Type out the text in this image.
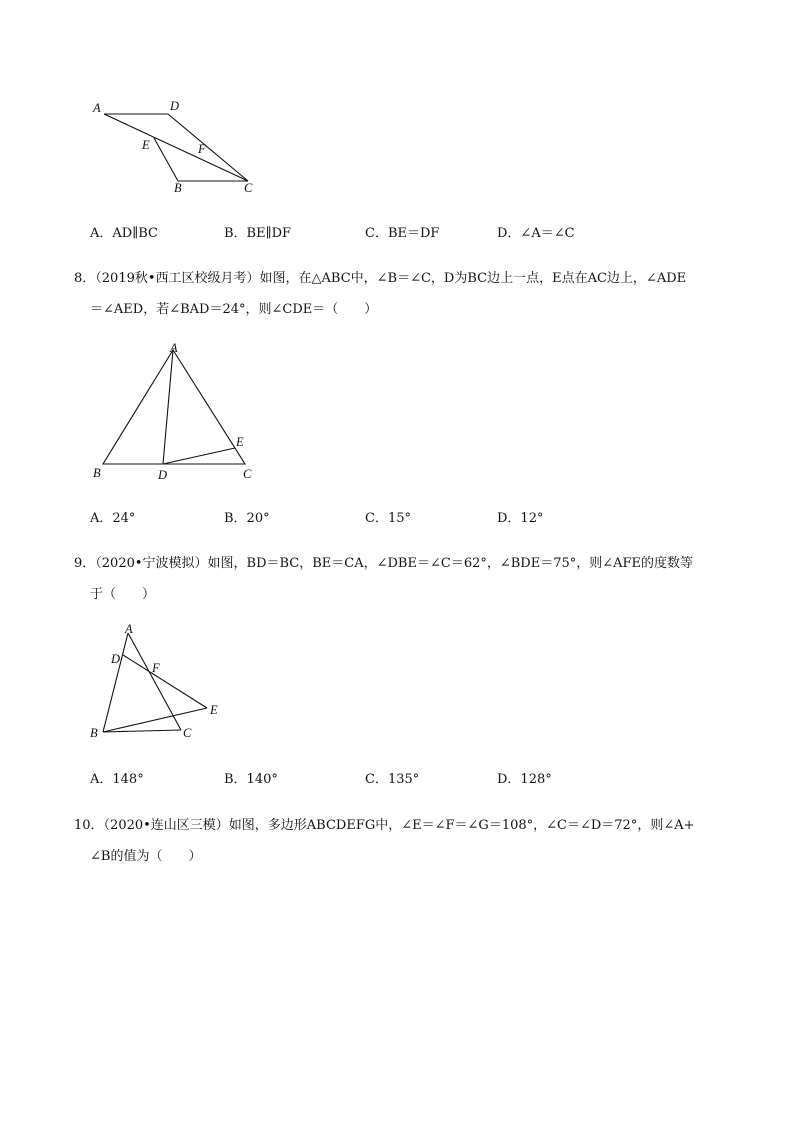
A	D
E	F
B	C
A．AD∥BC	B．BE∥DF	C．BE＝DF	D．∠A＝∠C
8．（2019秋•西工区校级月考）如图，在△ABC中，∠B＝∠C，D为BC边上一点，E点在AC边上，∠ADE
＝∠AED，若∠BAD＝24°，则∠CDE＝（　　）
A
B	D
E
C
A．24°	B．20°	C．15°	D．12°
9．（2020•宁波模拟）如图，BD＝BC，BE＝CA，∠DBE＝∠C＝62°，∠BDE＝75°，则∠AFE的度数等
于（　　）
A
D
F
E
B	C
A．148°	B．140°	C．135°	D．128°
10．（2020•连山区三模）如图，多边形ABCDEFG中，∠E＝∠F＝∠G＝108°，∠C＝∠D＝72°，则∠A+
∠B的值为（　　）
